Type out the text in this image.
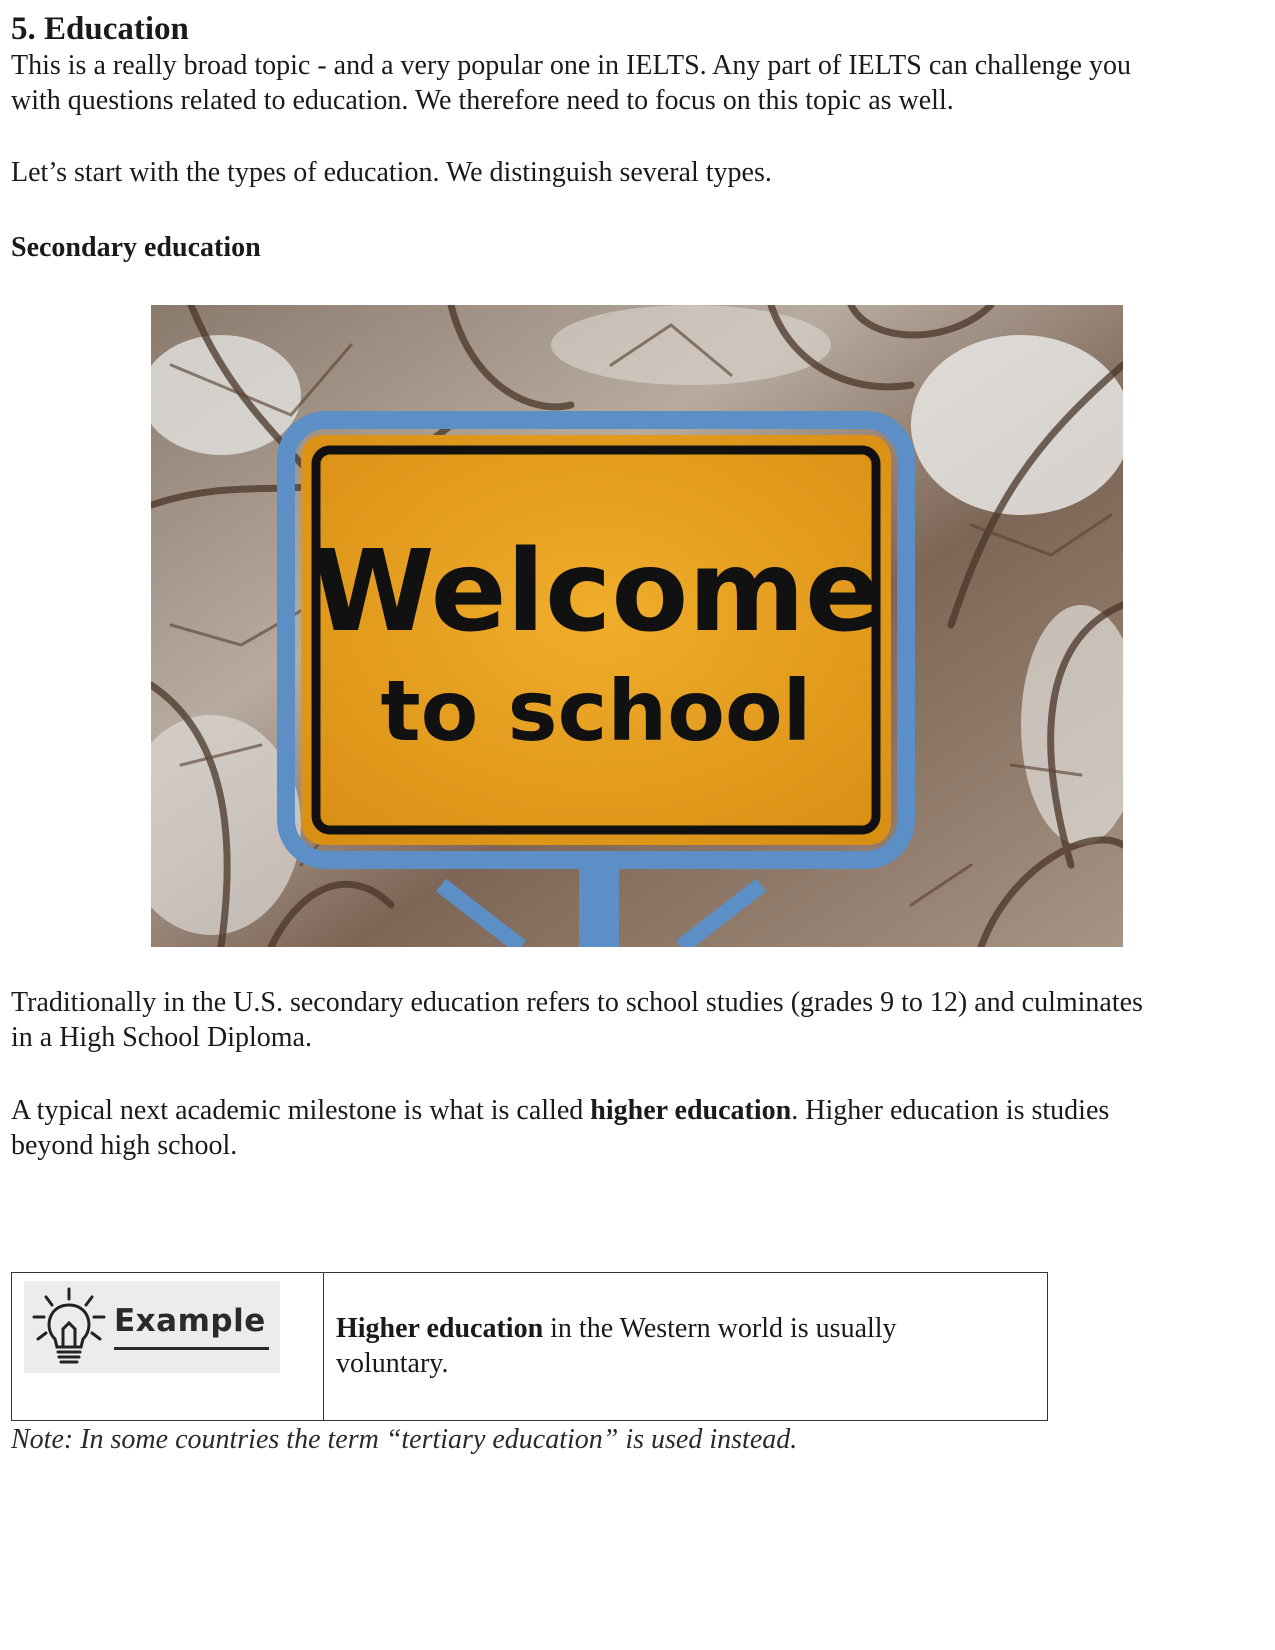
5. Education
This is a really broad topic - and a very popular one in IELTS. Any part of IELTS can challenge you
with questions related to education. We therefore need to focus on this topic as well.
Let’s start with the types of education. We distinguish several types.
Secondary education
Welcome
to school
Traditionally in the U.S. secondary education refers to school studies (grades 9 to 12) and culminates
in a High School Diploma.
A typical next academic milestone is what is called higher education. Higher education is studies
beyond high school.
Example	Higher education in the Western world is usually
voluntary.
Note: In some countries the term “tertiary education” is used instead.
